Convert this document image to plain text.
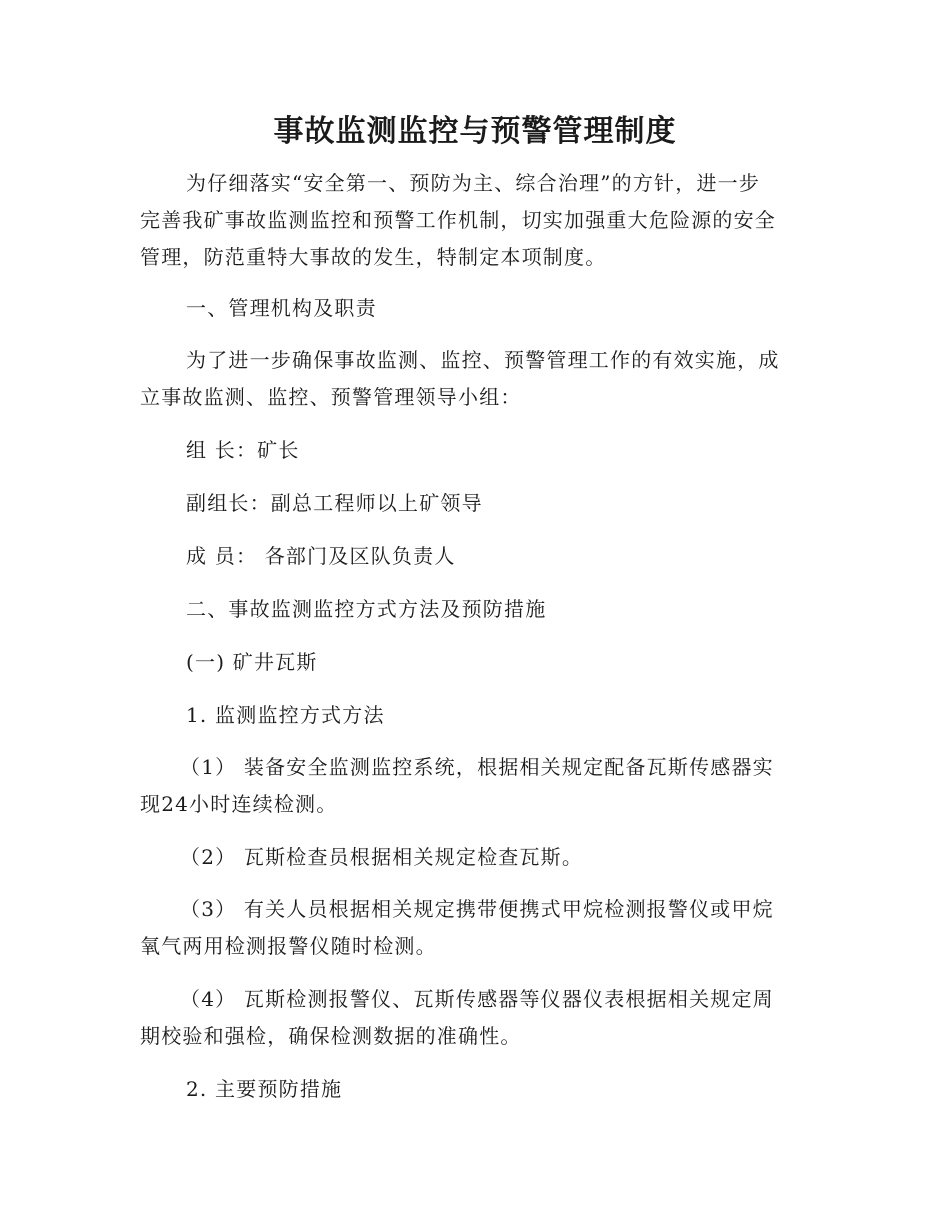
事故监测监控与预警管理制度
为仔细落实“安全第一、预防为主、综合治理”的方针，进一步
完善我矿事故监测监控和预警工作机制，切实加强重大危险源的安全
管理，防范重特大事故的发生，特制定本项制度。
一、管理机构及职责
为了进一步确保事故监测、监控、预警管理工作的有效实施，成
立事故监测、监控、预警管理领导小组：
组 长：矿长
副组长：副总工程师以上矿领导
成 员： 各部门及区队负责人
二、事故监测监控方式方法及预防措施
(一) 矿井瓦斯
1. 监测监控方式方法
（1） 装备安全监测监控系统，根据相关规定配备瓦斯传感器实
现24小时连续检测。
（2） 瓦斯检查员根据相关规定检查瓦斯。
（3） 有关人员根据相关规定携带便携式甲烷检测报警仪或甲烷
氧气两用检测报警仪随时检测。
（4） 瓦斯检测报警仪、瓦斯传感器等仪器仪表根据相关规定周
期校验和强检，确保检测数据的准确性。
2. 主要预防措施
